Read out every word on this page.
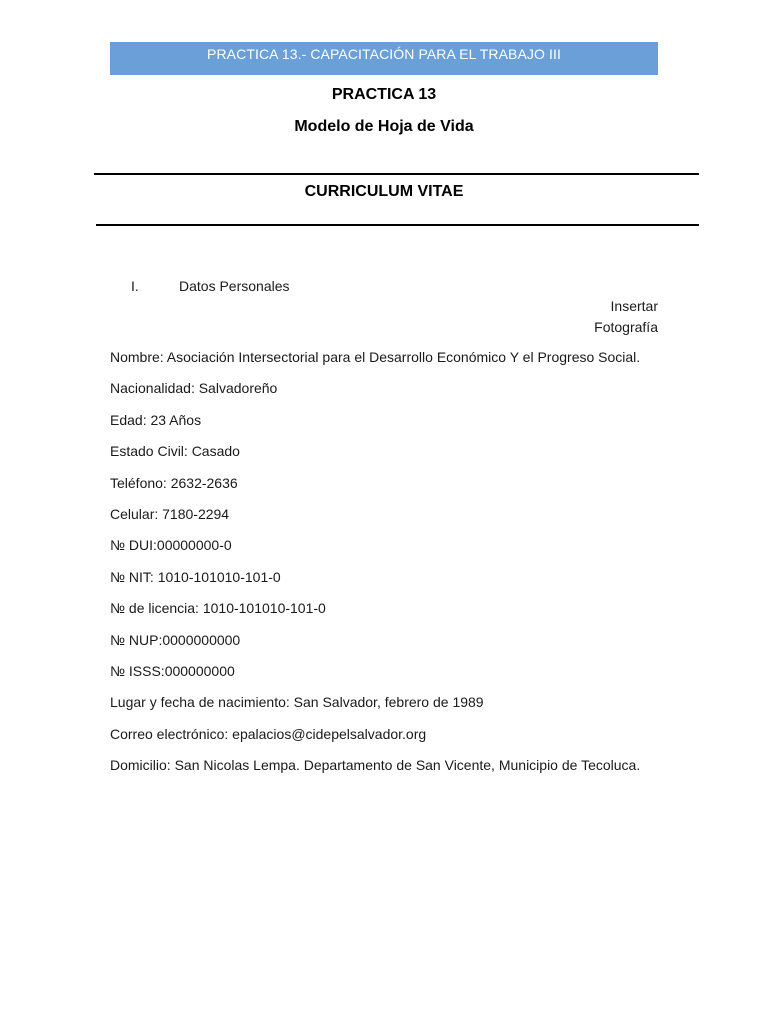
PRACTICA 13.- CAPACITACIÓN PARA EL TRABAJO III
PRACTICA 13
Modelo de Hoja de Vida
CURRICULUM VITAE
I.	Datos Personales
Insertar
Fotografía

Nombre: Asociación Intersectorial para el Desarrollo Económico Y el Progreso Social.

Nacionalidad: Salvadoreño

Edad: 23 Años

Estado Civil: Casado

Teléfono: 2632-2636

Celular: 7180-2294

№ DUI:00000000-0

№ NIT: 1010-101010-101-0

№ de licencia: 1010-101010-101-0

№ NUP:0000000000

№ ISSS:000000000

Lugar y fecha de nacimiento: San Salvador, febrero de 1989

Correo electrónico: epalacios@cidepelsalvador.org

Domicilio: San Nicolas Lempa. Departamento de San Vicente, Municipio de Tecoluca.
